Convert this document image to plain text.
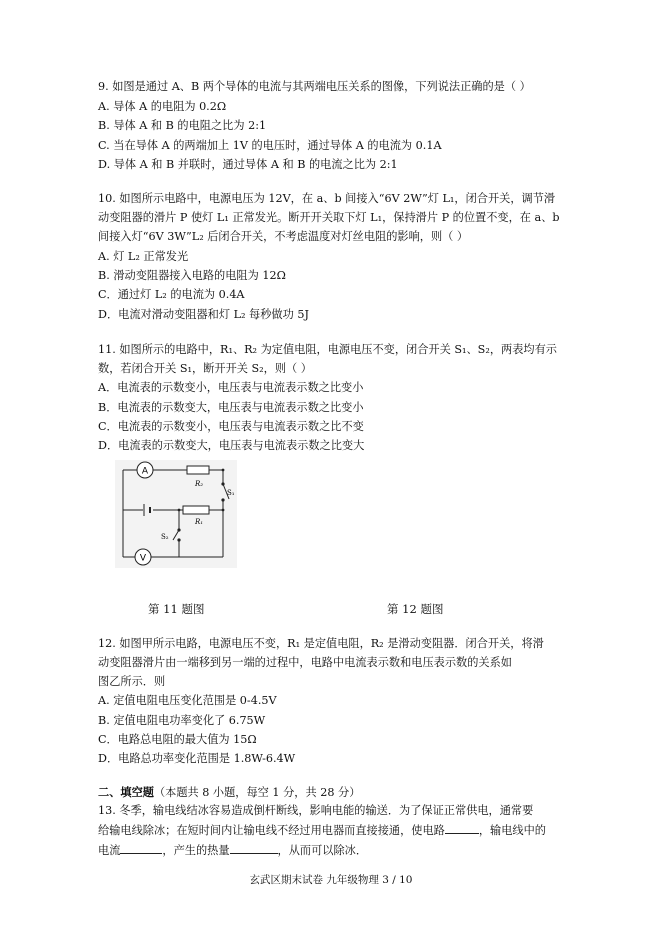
9. 如图是通过 A、B 两个导体的电流与其两端电压关系的图像，下列说法正确的是（ ）
A. 导体 A 的电阻为 0.2Ω
B. 导体 A 和 B 的电阻之比为 2:1
C. 当在导体 A 的两端加上 1V 的电压时，通过导体 A 的电流为 0.1A
D. 导体 A 和 B 并联时，通过导体 A 和 B 的电流之比为 2:1
10. 如图所示电路中，电源电压为 12V，在 a、b 间接入“6V 2W”灯 L₁，闭合开关，调节滑
动变阻器的滑片 P 使灯 L₁ 正常发光。断开开关取下灯 L₁，保持滑片 P 的位置不变，在 a、b
间接入灯“6V 3W”L₂ 后闭合开关，不考虑温度对灯丝电阻的影响，则（ ）
A. 灯 L₂ 正常发光
B. 滑动变阻器接入电路的电阻为 12Ω
C．通过灯 L₂ 的电流为 0.4A
D．电流对滑动变阻器和灯 L₂ 每秒做功 5J
11. 如图所示的电路中，R₁、R₂ 为定值电阻，电源电压不变，闭合开关 S₁、S₂，两表均有示
数，若闭合开关 S₁，断开开关 S₂，则（ ）
A．电流表的示数变小，电压表与电流表示数之比变小
B．电流表的示数变大，电压表与电流表示数之比变小
C．电流表的示数变小，电压表与电流表示数之比不变
D．电流表的示数变大，电压表与电流表示数之比变大
A
R₂
S₁
R₁
S₂
V
第 11 题图	第 12 题图
12. 如图甲所示电路，电源电压不变，R₁ 是定值电阻，R₂ 是滑动变阻器．闭合开关，将滑
动变阻器滑片由一端移到另一端的过程中，电路中电流表示数和电压表示数的关系如
图乙所示．则
A. 定值电阻电压变化范围是 0-4.5V
B. 定值电阻电功率变化了 6.75W
C．电路总电阻的最大值为 15Ω
D．电路总功率变化范围是 1.8W-6.4W
二、填空题（本题共 8 小题，每空 1 分，共 28 分）
13. 冬季，输电线结冰容易造成倒杆断线，影响电能的输送．为了保证正常供电，通常要
给输电线除冰；在短时间内让输电线不经过用电器而直接接通，使电路	，输电线中的
电流	，产生的热量	，从而可以除冰．
玄武区期末试卷 九年级物理 3 / 10
